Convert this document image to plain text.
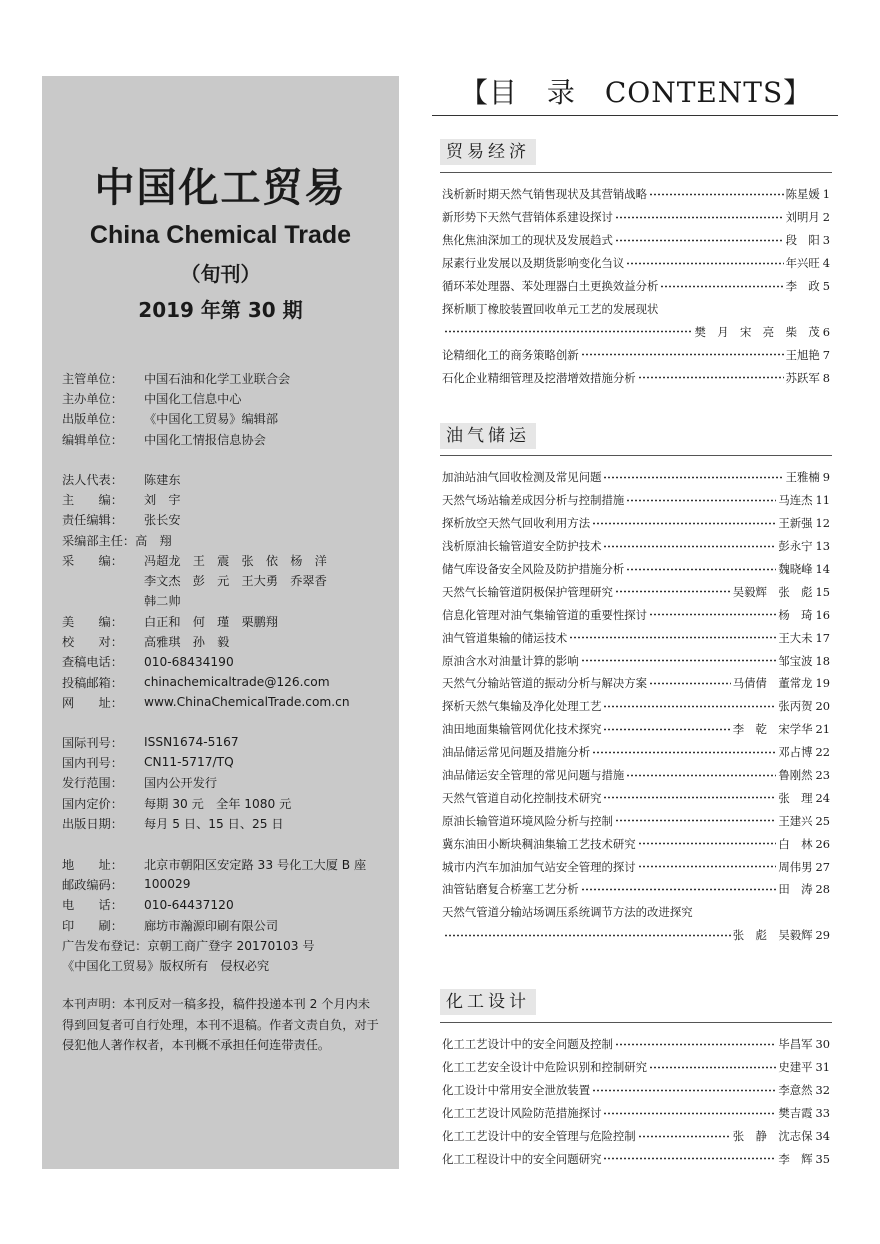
中国化工贸易
China Chemical Trade
（旬刊）
2019 年第 30 期
主管单位：	中国石油和化学工业联合会
主办单位：	中国化工信息中心
出版单位：	《中国化工贸易》编辑部
编辑单位：	中国化工情报信息协会
法人代表：	陈建东
主　　编：	刘　宇
责任编辑：	张长安
采编部主任： 高　翔
采　　编：	冯超龙　王　震　张　依　杨　洋
李文杰　彭　元　王大勇　乔翠香
韩二帅
美　　编：	白正和　何　瑾　栗鹏翔
校　　对：	高雅琪　孙　毅
查稿电话：	010-68434190
投稿邮箱：	chinachemicaltrade@126.com
网　　址：	www.ChinaChemicalTrade.com.cn
国际刊号：	ISSN1674-5167
国内刊号：	CN11-5717/TQ
发行范围：	国内公开发行
国内定价：	每期 30 元　全年 1080 元
出版日期：	每月 5 日、15 日、25 日
地　　址：	北京市朝阳区安定路 33 号化工大厦 B 座
邮政编码：	100029
电　　话：	010-64437120
印　　刷：	廊坊市瀚源印刷有限公司
广告发布登记： 京朝工商广登字 20170103 号
《中国化工贸易》版权所有　侵权必究
本刊声明：本刊反对一稿多投，稿件投递本刊 2 个月内未得到回复者可自行处理，本刊不退稿。作者文责自负，对于侵犯他人著作权者，本刊概不承担任何连带责任。
【目　录　CONTENTS】
贸易经济
浅析新时期天然气销售现状及其营销战略	陈星媛 1
新形势下天然气营销体系建设探讨	刘明月 2
焦化焦油深加工的现状及发展趋式	段　阳 3
尿素行业发展以及期货影响变化刍议	年兴旺 4
循环苯处理器、苯处理器白土更换效益分析	李　政 5
探析顺丁橡胶装置回收单元工艺的发展现状
樊　月　宋　亮　柴　茂 6
论精细化工的商务策略创新	王旭艳 7
石化企业精细管理及挖潜增效措施分析	苏跃军 8
油气储运
加油站油气回收检测及常见问题	王雅楠 9
天然气场站输差成因分析与控制措施	马连杰 11
探析放空天然气回收利用方法	王新强 12
浅析原油长输管道安全防护技术	彭永宁 13
储气库设备安全风险及防护措施分析	魏晓峰 14
天然气长输管道阴极保护管理研究	吴毅辉　张　彪 15
信息化管理对油气集输管道的重要性探讨	杨　琦 16
油气管道集输的储运技术	王大未 17
原油含水对油量计算的影响	邹宝波 18
天然气分输站管道的振动分析与解决方案	马倩倩　董常龙 19
探析天然气集输及净化处理工艺	张丙贺 20
油田地面集输管网优化技术探究	李　乾　宋学华 21
油品储运常见问题及措施分析	邓占博 22
油品储运安全管理的常见问题与措施	鲁刚然 23
天然气管道自动化控制技术研究	张　理 24
原油长输管道环境风险分析与控制	王建兴 25
冀东油田小断块稠油集输工艺技术研究	白　林 26
城市内汽车加油加气站安全管理的探讨	周伟男 27
油管钻磨复合桥塞工艺分析	田　涛 28
天然气管道分输站场调压系统调节方法的改进探究
张　彪　吴毅辉 29
化工设计
化工工艺设计中的安全问题及控制	毕昌军 30
化工工艺安全设计中危险识别和控制研究	史建平 31
化工设计中常用安全泄放装置	李意然 32
化工工艺设计风险防范措施探讨	樊吉霞 33
化工工艺设计中的安全管理与危险控制	张　静　沈志保 34
化工工程设计中的安全问题研究	李　辉 35
